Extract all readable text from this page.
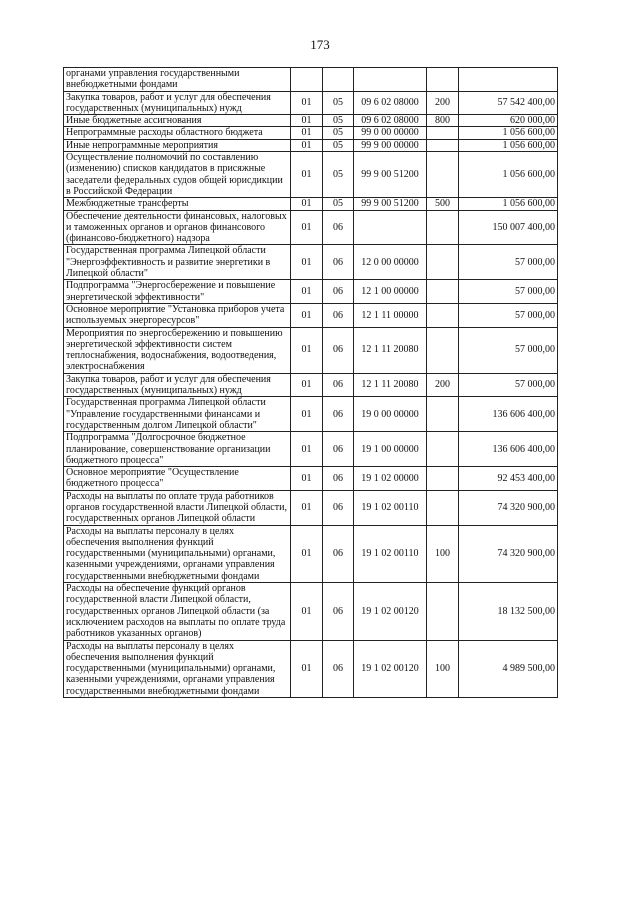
173
органами управления государственными внебюджетными фондами					
Закупка товаров, работ и услуг для обеспечения государственных (муниципальных) нужд	01	05	09 6 02 08000	200	57 542 400,00
Иные бюджетные ассигнования	01	05	09 6 02 08000	800	620 000,00
Непрограммные расходы областного бюджета	01	05	99 0 00 00000		1 056 600,00
Иные непрограммные мероприятия	01	05	99 9 00 00000		1 056 600,00
Осуществление полномочий по составлению (изменению) списков кандидатов в присяжные заседатели федеральных судов общей юрисдикции в Российской Федерации	01	05	99 9 00 51200		1 056 600,00
Межбюджетные трансферты	01	05	99 9 00 51200	500	1 056 600,00
Обеспечение деятельности финансовых, налоговых и таможенных органов и органов финансового (финансово-бюджетного) надзора	01	06			150 007 400,00
Государственная программа Липецкой области "Энергоэффективность и развитие энергетики в Липецкой области"	01	06	12 0 00 00000		57 000,00
Подпрограмма "Энергосбережение и повышение энергетической эффективности"	01	06	12 1 00 00000		57 000,00
Основное мероприятие "Установка приборов учета используемых энергоресурсов"	01	06	12 1 11 00000		57 000,00
Мероприятия по энергосбережению и повышению энергетической эффективности систем теплоснабжения, водоснабжения, водоотведения, электроснабжения	01	06	12 1 11 20080		57 000,00
Закупка товаров, работ и услуг для обеспечения государственных (муниципальных) нужд	01	06	12 1 11 20080	200	57 000,00
Государственная программа Липецкой области "Управление государственными финансами и государственным долгом Липецкой области"	01	06	19 0 00 00000		136 606 400,00
Подпрограмма "Долгосрочное бюджетное планирование, совершенствование организации бюджетного процесса"	01	06	19 1 00 00000		136 606 400,00
Основное мероприятие "Осуществление бюджетного процесса"	01	06	19 1 02 00000		92 453 400,00
Расходы на выплаты по оплате труда работников органов государственной власти Липецкой области, государственных органов Липецкой области	01	06	19 1 02 00110		74 320 900,00
Расходы на выплаты персоналу в целях обеспечения выполнения функций государственными (муниципальными) органами, казенными учреждениями, органами управления государственными внебюджетными фондами	01	06	19 1 02 00110	100	74 320 900,00
Расходы на обеспечение функций органов государственной власти Липецкой области, государственных органов Липецкой области (за исключением расходов на выплаты по оплате труда работников указанных органов)	01	06	19 1 02 00120		18 132 500,00
Расходы на выплаты персоналу в целях обеспечения выполнения функций государственными (муниципальными) органами, казенными учреждениями, органами управления государственными внебюджетными фондами	01	06	19 1 02 00120	100	4 989 500,00
